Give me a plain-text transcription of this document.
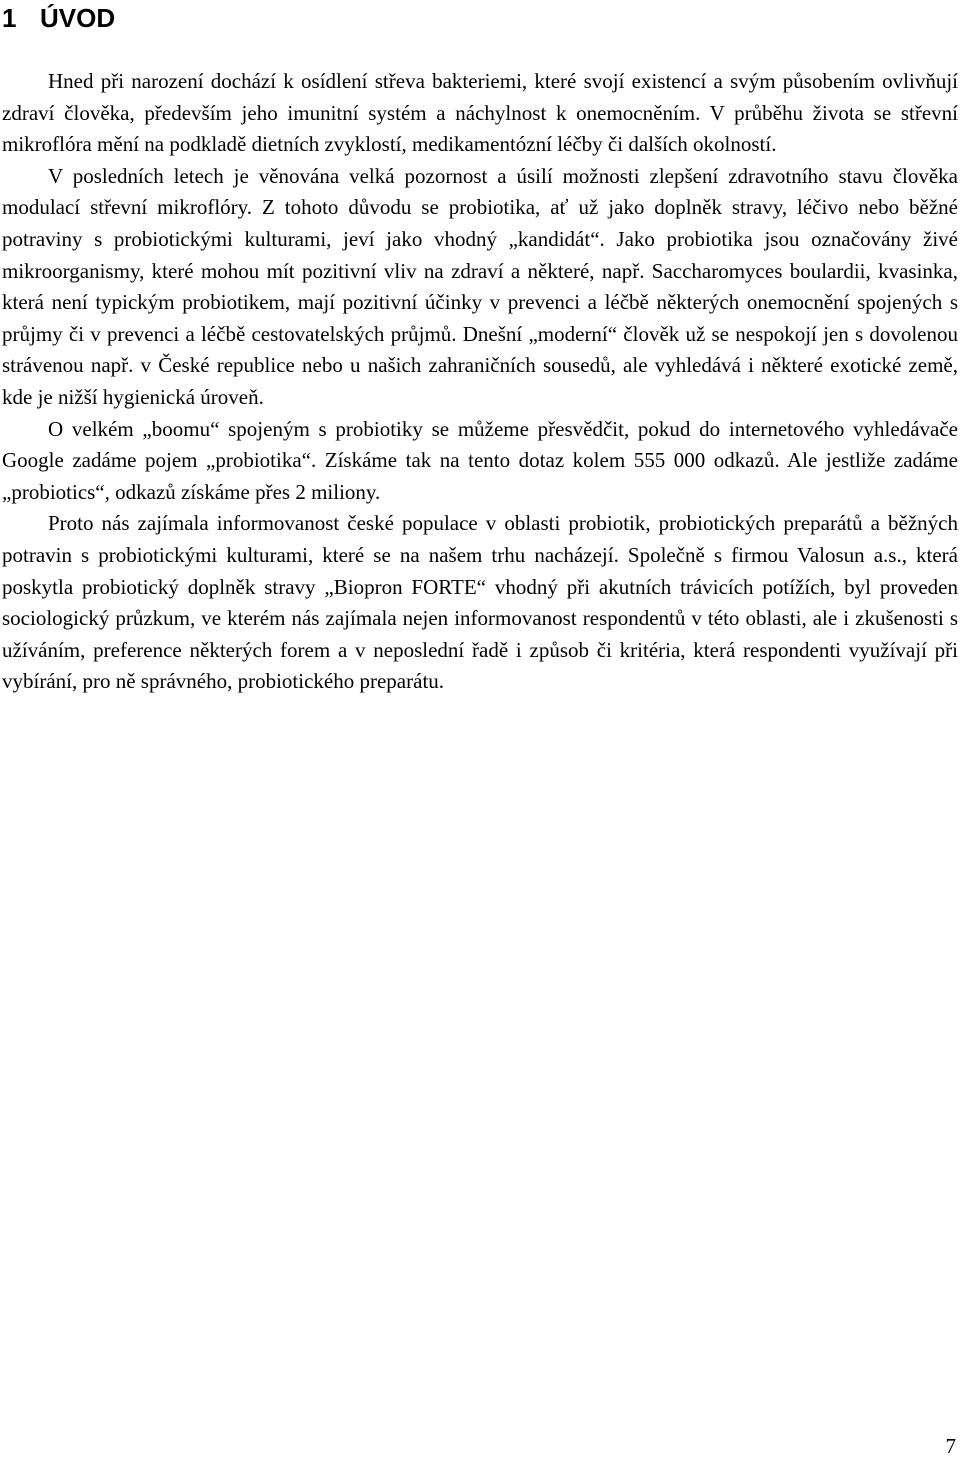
1 ÚVOD

Hned při narození dochází k osídlení střeva bakteriemi, které svojí existencí a svým působením ovlivňují zdraví člověka, především jeho imunitní systém a náchylnost k onemocněním. V průběhu života se střevní mikroflóra mění na podkladě dietních zvyklostí, medikamentózní léčby či dalších okolností.

V posledních letech je věnována velká pozornost a úsilí možnosti zlepšení zdravotního stavu člověka modulací střevní mikroflóry. Z tohoto důvodu se probiotika, ať už jako doplněk stravy, léčivo nebo běžné potraviny s probiotickými kulturami, jeví jako vhodný „kandidát“. Jako probiotika jsou označovány živé mikroorganismy, které mohou mít pozitivní vliv na zdraví a některé, např. Saccharomyces boulardii, kvasinka, která není typickým probiotikem, mají pozitivní účinky v prevenci a léčbě některých onemocnění spojených s průjmy či v prevenci a léčbě cestovatelských průjmů. Dnešní „moderní“ člověk už se nespokojí jen s dovolenou strávenou např. v České republice nebo u našich zahraničních sousedů, ale vyhledává i některé exotické země, kde je nižší hygienická úroveň.

O velkém „boomu“ spojeným s probiotiky se můžeme přesvědčit, pokud do internetového vyhledávače Google zadáme pojem „probiotika“. Získáme tak na tento dotaz kolem 555 000 odkazů. Ale jestliže zadáme „probiotics“, odkazů získáme přes 2 miliony.

Proto nás zajímala informovanost české populace v oblasti probiotik, probiotických preparátů a běžných potravin s probiotickými kulturami, které se na našem trhu nacházejí. Společně s firmou Valosun a.s., která poskytla probiotický doplněk stravy „Biopron FORTE“ vhodný při akutních trávicích potížích, byl proveden sociologický průzkum, ve kterém nás zajímala nejen informovanost respondentů v této oblasti, ale i zkušenosti s užíváním, preference některých forem a v neposlední řadě i způsob či kritéria, která respondenti využívají při vybírání, pro ně správného, probiotického preparátu.

7
